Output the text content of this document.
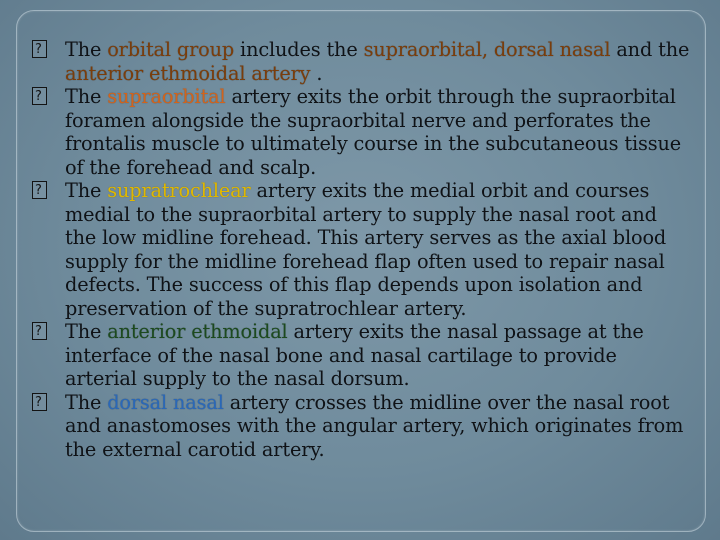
?
The orbital group includes the supraorbital, dorsal nasal and the anterior ethmoidal artery .

?
The supraorbital artery exits the orbit through the supraorbital foramen alongside the supraorbital nerve and perforates the frontalis muscle to ultimately course in the subcutaneous tissue of the forehead and scalp.

?
The supratrochlear artery exits the medial orbit and courses medial to the supraorbital artery to supply the nasal root and the low midline forehead. This artery serves as the axial blood supply for the midline forehead flap often used to repair nasal defects. The success of this flap depends upon isolation and preservation of the supratrochlear artery.

?
The anterior ethmoidal artery exits the nasal passage at the interface of the nasal bone and nasal cartilage to provide arterial supply to the nasal dorsum.

?
The dorsal nasal artery crosses the midline over the nasal root and anastomoses with the angular artery, which originates from the external carotid artery.
